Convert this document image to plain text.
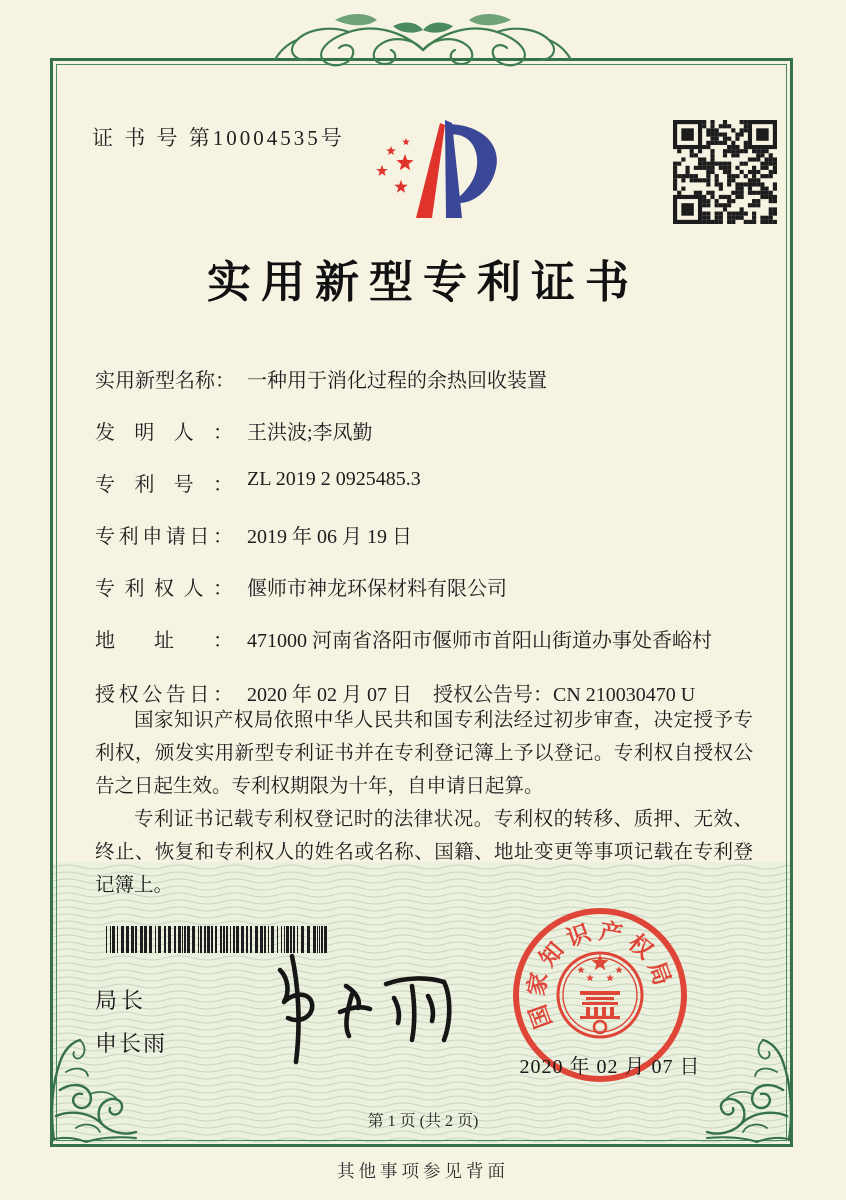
证 书 号 第10004535号
实用新型专利证书
实用新型名称： 一种用于消化过程的余热回收装置
发明人： 王洪波;李凤勤
专利号： ZL 2019 2 0925485.3
专利申请日： 2019 年 06 月 19 日
专利权人： 偃师市神龙环保材料有限公司
地址： 471000 河南省洛阳市偃师市首阳山街道办事处香峪村
授权公告日： 2020 年 02 月 07 日 授权公告号：CN 210030470 U

国家知识产权局依照中华人民共和国专利法经过初步审查，决定授予专利权，颁发实用新型专利证书并在专利登记簿上予以登记。专利权自授权公告之日起生效。专利权期限为十年，自申请日起算。

专利证书记载专利权登记时的法律状况。专利权的转移、质押、无效、终止、恢复和专利权人的姓名或名称、国籍、地址变更等事项记载在专利登记簿上。

局长
申长雨
国
家
知
识 产 权
局
2020 年 02 月 07 日
第 1 页 (共 2 页)
其他事项参见背面
